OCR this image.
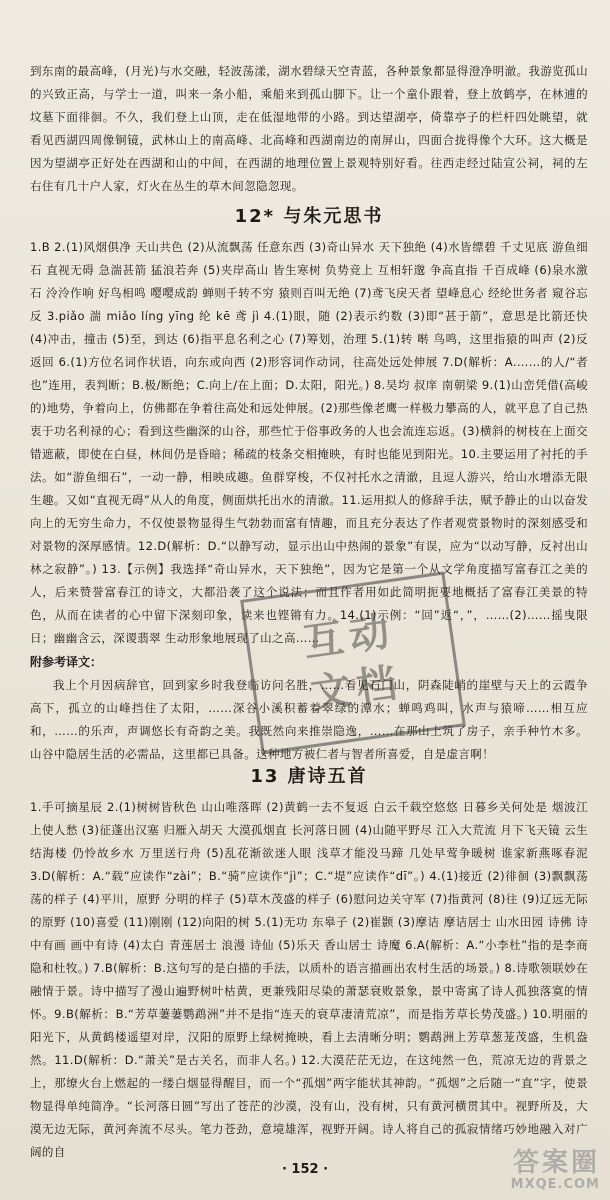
到东南的最高峰，(月光)与水交融，轻波荡漾，湖水碧绿天空青蓝，各种景象都显得澄净明澈。我游览孤山的兴致正高，与学士一道，叫来一条小船，乘船来到孤山脚下。让一个童仆跟着，登上放鹤亭，在林逋的坟墓下面徘徊。不久，我们登上山顶，走在低湿地带的小路。到达望湖亭，倚靠亭子的栏杆四处眺望，就看见西湖四周像铜镜，武林山上的南高峰、北高峰和西湖南边的南屏山，四面合拢得像个大环。这大概是因为望湖亭正好处在西湖和山的中间，在西湖的地理位置上景观特别好看。往西走经过陆宣公祠，祠的左右住有几十户人家，灯火在丛生的草木间忽隐忽现。

12* 与朱元思书

1.B 2.(1)风烟俱净 天山共色 (2)从流飘荡 任意东西 (3)奇山异水 天下独绝 (4)水皆缥碧 千丈见底 游鱼细石 直视无碍 急湍甚箭 猛浪若奔 (5)夹岸高山 皆生寒树 负势竞上 互相轩邈 争高直指 千百成峰 (6)泉水激石 泠泠作响 好鸟相鸣 嘤嘤成韵 蝉则千转不穷 猿则百叫无绝 (7)鸢飞戾天者 望峰息心 经纶世务者 窥谷忘反 3.piǎo 湍 miǎo líng yīng 纶 kē 鸢 jì 4.(1)眼，随 (2)表示约数 (3)即“甚于箭”，意思是比箭还快 (4)冲击，撞击 (5)至，到达 (6)指平息名利之心 (7)筹划，治理 5.(1)转 啭 鸟鸣，这里指猿的叫声 (2)反 返回 6.(1)方位名词作状语，向东或向西 (2)形容词作动词，往高处远处伸展 7.D(解析：A.……的人/“者也”连用，表判断；B.极/断绝；C.向上/在上面；D.太阳，阳光。) 8.吴均 叔庠 南朝梁 9.(1)山峦凭借(高峻的)地势，争着向上，仿佛都在争着往高处和远处伸展。(2)那些像老鹰一样极力攀高的人，就平息了自己热衷于功名利禄的心；看到这些幽深的山谷，那些忙于俗事政务的人也会流连忘返。(3)横斜的树枝在上面交错遮蔽，即使在白昼，林间仍是昏暗；稀疏的枝条交相掩映，有时也能见到阳光。10.主要运用了衬托的手法。如“游鱼细石”，一动一静，相映成趣。鱼群穿梭，不仅衬托水之清澈，且逗人游兴，给山水增添无限生趣。又如“直视无碍”从人的角度，侧面烘托出水的清澈。11.运用拟人的修辞手法，赋予静止的山以奋发向上的无穷生命力，不仅使景物显得生气勃勃而富有情趣，而且充分表达了作者观赏景物时的深刻感受和对景物的深厚感情。12.D(解析：D.“以静写动，显示出山中热闹的景象”有误，应为“以动写静，反衬出山林之寂静”。) 13.【示例】我选择“奇山异水，天下独绝”，因为它是第一个从文学角度描写富春江之美的人，后来赞誉富春江的诗文，大都沿袭了这个说法；而且作者用如此简明扼要地概括了富春江美景的特色，从而在读者的心中留下深刻印象，读来也铿锵有力。14.(1)示例：“回”返“，”，……(2)……摇曳限日；幽幽含云，深谡翡翠 生动形象地展现了山之高……

附参考译文：

我上个月因病辞官，回到家乡时我登临访问名胜，……看见石门山，阴森陡峭的崖壁与天上的云霞争高下，孤立的山峰挡住了太阳，……深谷小溪积蓄着翠绿的潭水；蝉鸣鸡叫，水声与猿啼……相互应和，……的乐声，声调悠长有奇韵之美。我既然向来推崇隐逸，……在那山上筑了房子，亲手种竹木多。山谷中隐居生活的必需品，这里都已具备。这种地方被仁者与智者所喜爱，自是虚言啊！

13 唐诗五首

1.手可摘星辰 2.(1)树树皆秋色 山山唯落晖 (2)黄鹤一去不复返 白云千载空悠悠 日暮乡关何处是 烟波江上使人愁 (3)征蓬出汉塞 归雁入胡天 大漠孤烟直 长河落日圆 (4)山随平野尽 江入大荒流 月下飞天镜 云生结海楼 仍怜故乡水 万里送行舟 (5)乱花渐欲迷人眼 浅草才能没马蹄 几处早莺争暖树 谁家新燕啄春泥 3.D(解析：A.“载”应读作“zài”；B.“骑”应读作“jì”；C.“堤”应读作“dī”。) 4.(1)接近 (2)徘徊 (3)飘飘荡荡的样子 (4)平川，原野 分明的样子 (5)草木茂盛的样子 (6)慰问边关守军 (7)指黄河 (8)往 (9)辽远无际的原野 (10)喜爱 (11)刚刚 (12)向阳的树 5.(1)无功 东皋子 (2)崔颢 (3)摩诘 摩诘居士 山水田园 诗佛 诗中有画 画中有诗 (4)太白 青莲居士 浪漫 诗仙 (5)乐天 香山居士 诗魔 6.A(解析：A.“小李杜”指的是李商隐和杜牧。) 7.B(解析：B.这句写的是白描的手法，以质朴的语言描画出农村生活的场景。) 8.诗歌领联妙在融情于景。诗中描写了漫山遍野树叶枯黄，更兼残阳尽染的萧瑟衰败景象，景中寄寓了诗人孤独落寞的情怀。9.B(解析：B.“芳草萋萋鹦鹉洲”并不是指“连天的衰草凄清荒凉”，而是指芳草长势茂盛。) 10.明丽的阳光下，从黄鹤楼遥望对岸，汉阳的原野上绿树掩映，看上去清晰分明；鹦鹉洲上芳草葱茏茂盛，生机盎然。11.D(解析：D.“萧关”是古关名，而非人名。) 12.大漠茫茫无边，在这纯然一色，荒凉无边的背景之上，那缭火台上燃起的一缕白烟显得醒目，而一个“孤烟”两字能状其神韵。“孤烟”之后随一“直”字，使景物显得单纯简净。“长河落日圆”写出了苍茫的沙漠，没有山，没有树，只有黄河横贯其中。视野所及，大漠无边无际，黄河奔流不尽头。笔力苍劲，意境雄浑，视野开阔。诗人将自己的孤寂情绪巧妙地融入对广阔的自

互动
文档
· 152 ·	答案圈
MXQE.COM
